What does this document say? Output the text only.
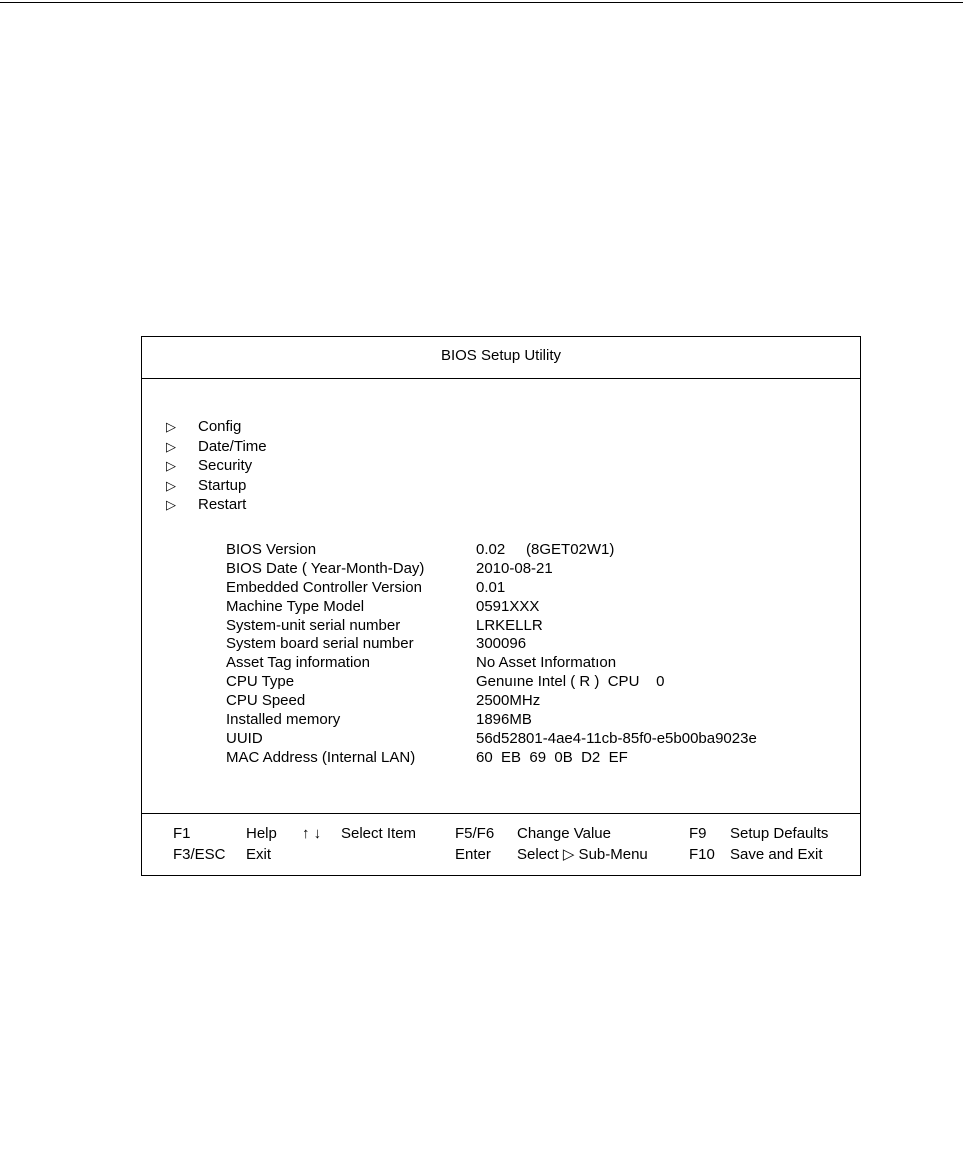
BIOS Setup Utility
▷ Config
▷ Date/Time
▷ Security
▷ Startup
▷ Restart
BIOS Version	0.02     (8GET02W1)
BIOS Date ( Year-Month-Day)	2010-08-21
Embedded Controller Version	0.01
Machine Type Model	0591XXX
System-unit serial number	LRKELLR
System board serial number	300096
Asset Tag information	No Asset Informatıon
CPU Type	Genuıne Intel ( R )  CPU    0
CPU Speed	2500MHz
Installed memory	1896MB
UUID	56d52801-4ae4-11cb-85f0-e5b00ba9023e
MAC Address (Internal LAN)	60  EB  69  0B  D2  EF
F1	Help ↑ ↓ Select Item	F5/F6 Change Value	F9 Setup Defaults
F3/ESC Exit	Enter Select ▷ Sub-Menu	F10 Save and Exit
